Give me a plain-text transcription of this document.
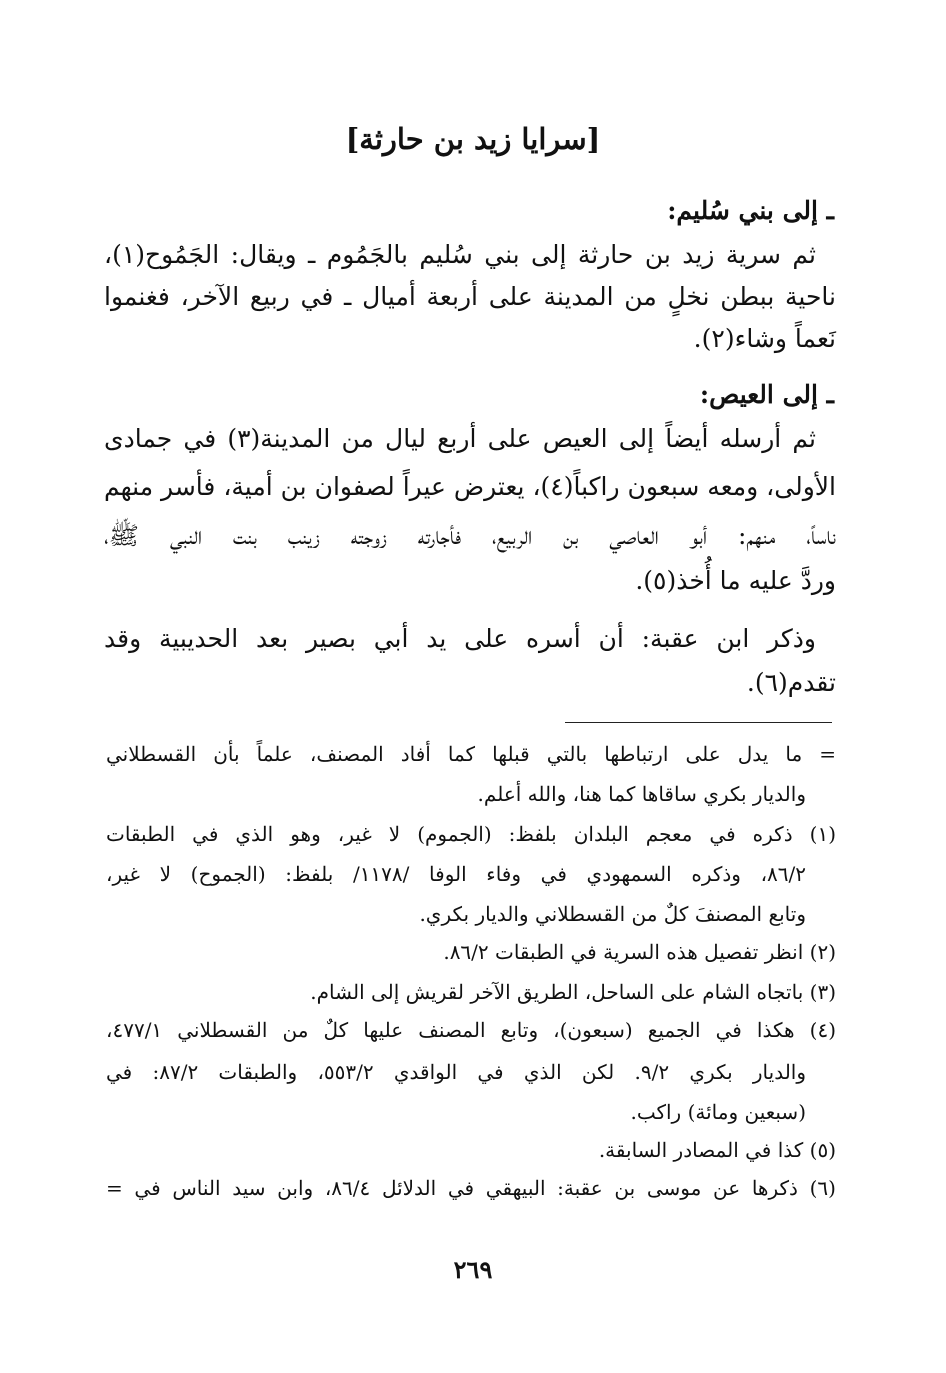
[سرايا زيد بن حارثة]
ـ إلى بني سُليم:
ثم سرية زيد بن حارثة إلى بني سُليم بالجَمُوم ـ ويقال: الجَمُوح(١)،
ناحية ببطن نخلٍ من المدينة على أربعة أميال ـ في ربيع الآخر، فغنموا
نَعماً وشاء(٢).
ـ إلى العيص:
ثم أرسله أيضاً إلى العيص على أربع ليال من المدينة(٣) في جمادى
الأولى، ومعه سبعون راكباً(٤)، يعترض عيراً لصفوان بن أمية، فأسر منهم
ناساً، منهم: أبو العاصي بن الربيع، فأجارته زوجته زينب بنت النبي ﷺ،
وردَّ عليه ما أُخذ(٥).
وذكر ابن عقبة: أن أسره على يد أبي بصير بعد الحديبية وقد
تقدم(٦).
= ما يدل على ارتباطها بالتي قبلها كما أفاد المصنف، علماً بأن القسطلاني
والديار بكري ساقاها كما هنا، والله أعلم.
(١) ذكره في معجم البلدان بلفظ: (الجموم) لا غير، وهو الذي في الطبقات
٨٦/٢، وذكره السمهودي في وفاء الوفا /١١٧٨/ بلفظ: (الجموح) لا غير،
وتابع المصنفَ كلٌ من القسطلاني والديار بكري.
(٢) انظر تفصيل هذه السرية في الطبقات ٨٦/٢.
(٣) باتجاه الشام على الساحل، الطريق الآخر لقريش إلى الشام.
(٤) هكذا في الجميع (سبعون)، وتابع المصنف عليها كلٌ من القسطلاني ٤٧٧/١،
والديار بكري ٩/٢. لكن الذي في الواقدي ٥٥٣/٢، والطبقات ٨٧/٢: في
(سبعين ومائة) راكب.
(٥) كذا في المصادر السابقة.
(٦) ذكرها عن موسى بن عقبة: البيهقي في الدلائل ٨٦/٤، وابن سيد الناس في =
٢٦٩
